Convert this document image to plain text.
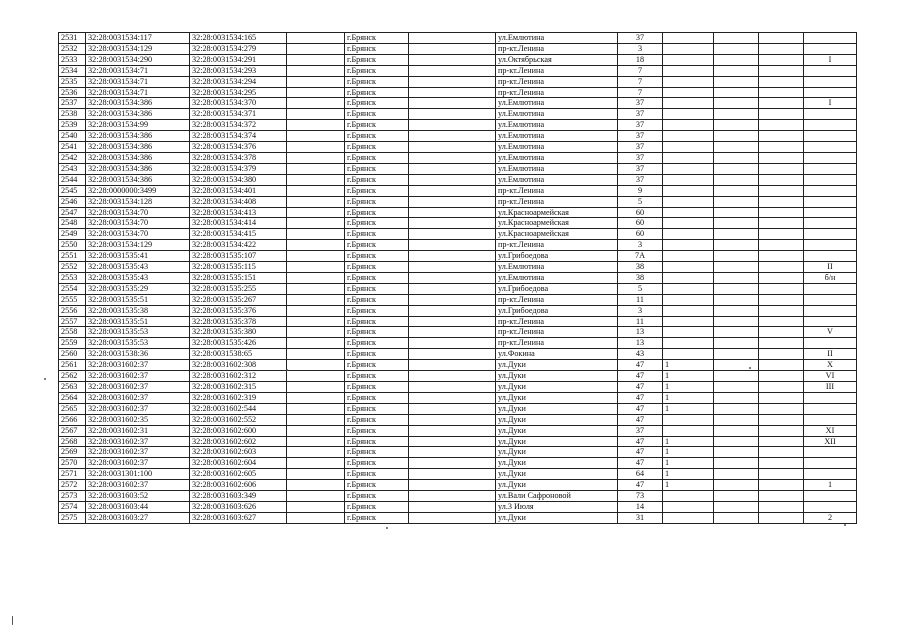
2531	32:28:0031534:117	32:28:0031534:165		г.Брянск		ул.Емлютина	37				
2532	32:28:0031534:129	32:28:0031534:279		г.Брянск		пр-кт.Ленина	3				
2533	32:28:0031534:290	32:28:0031534:291		г.Брянск		ул.Октябрьская	18				I
2534	32:28:0031534:71	32:28:0031534:293		г.Брянск		пр-кт.Ленина	7				
2535	32:28:0031534:71	32:28:0031534:294		г.Брянск		пр-кт.Ленина	7				
2536	32:28:0031534:71	32:28:0031534:295		г.Брянск		пр-кт.Ленина	7				
2537	32:28:0031534:386	32:28:0031534:370		г.Брянск		ул.Емлютина	37				I
2538	32:28:0031534:386	32:28:0031534:371		г.Брянск		ул.Емлютина	37				
2539	32:28:0031534:99	32:28:0031534:372		г.Брянск		ул.Емлютина	37				
2540	32:28:0031534:386	32:28:0031534:374		г.Брянск		ул.Емлютина	37				
2541	32:28:0031534:386	32:28:0031534:376		г.Брянск		ул.Емлютина	37				
2542	32:28:0031534:386	32:28:0031534:378		г.Брянск		ул.Емлютина	37				
2543	32:28:0031534:386	32:28:0031534:379		г.Брянск		ул.Емлютина	37				
2544	32:28:0031534:386	32:28:0031534:380		г.Брянск		ул.Емлютина	37				
2545	32:28:0000000:3499	32:28:0031534:401		г.Брянск		пр-кт.Ленина	9				
2546	32:28:0031534:128	32:28:0031534:408		г.Брянск		пр-кт.Ленина	5				
2547	32:28:0031534:70	32:28:0031534:413		г.Брянск		ул.Красноармейская	60				
2548	32:28:0031534:70	32:28:0031534:414		г.Брянск		ул.Красноармейская	60				
2549	32:28:0031534:70	32:28:0031534:415		г.Брянск		ул.Красноармейская	60				
2550	32:28:0031534:129	32:28:0031534:422		г.Брянск		пр-кт.Ленина	3				
2551	32:28:0031535:41	32:28:0031535:107		г.Брянск		ул.Грибоедова	7А				
2552	32:28:0031535:43	32:28:0031535:115		г.Брянск		ул.Емлютина	38				II
2553	32:28:0031535:43	32:28:0031535:151		г.Брянск		ул.Емлютина	38				б/н
2554	32:28:0031535:29	32:28:0031535:255		г.Брянск		ул.Грибоедова	5				
2555	32:28:0031535:51	32:28:0031535:267		г.Брянск		пр-кт.Ленина	11				
2556	32:28:0031535:38	32:28:0031535:376		г.Брянск		ул.Грибоедова	3				
2557	32:28:0031535:51	32:28:0031535:378		г.Брянск		пр-кт.Ленина	11				
2558	32:28:0031535:53	32:28:0031535:380		г.Брянск		пр-кт.Ленина	13				V
2559	32:28:0031535:53	32:28:0031535:426		г.Брянск		пр-кт.Ленина	13				
2560	32:28:0031538:36	32:28:0031538:65		г.Брянск		ул.Фокина	43				II
2561	32:28:0031602:37	32:28:0031602:308		г.Брянск		ул.Дуки	47	1			X
2562	32:28:0031602:37	32:28:0031602:312		г.Брянск		ул.Дуки	47	1			VI
2563	32:28:0031602:37	32:28:0031602:315		г.Брянск		ул.Дуки	47	1			III
2564	32:28:0031602:37	32:28:0031602:319		г.Брянск		ул.Дуки	47	1			
2565	32:28:0031602:37	32:28:0031602:544		г.Брянск		ул.Дуки	47	1			
2566	32:28:0031602:35	32:28:0031602:552		г.Брянск		ул.Дуки	47				
2567	32:28:0031602:31	32:28:0031602:600		г.Брянск		ул.Дуки	37				XI
2568	32:28:0031602:37	32:28:0031602:602		г.Брянск		ул.Дуки	47	1			XII
2569	32:28:0031602:37	32:28:0031602:603		г.Брянск		ул.Дуки	47	1			
2570	32:28:0031602:37	32:28:0031602:604		г.Брянск		ул.Дуки	47	1			
2571	32:28:0031301:100	32:28:0031602:605		г.Брянск		ул.Дуки	64	1			
2572	32:28:0031602:37	32:28:0031602:606		г.Брянск		ул.Дуки	47	1			1
2573	32:28:0031603:52	32:28:0031603:349		г.Брянск		ул.Вали Сафроновой	73				
2574	32:28:0031603:44	32:28:0031603:626		г.Брянск		ул.3 Июля	14				
2575	32:28:0031603:27	32:28:0031603:627		г.Брянск		ул.Дуки	31				2
